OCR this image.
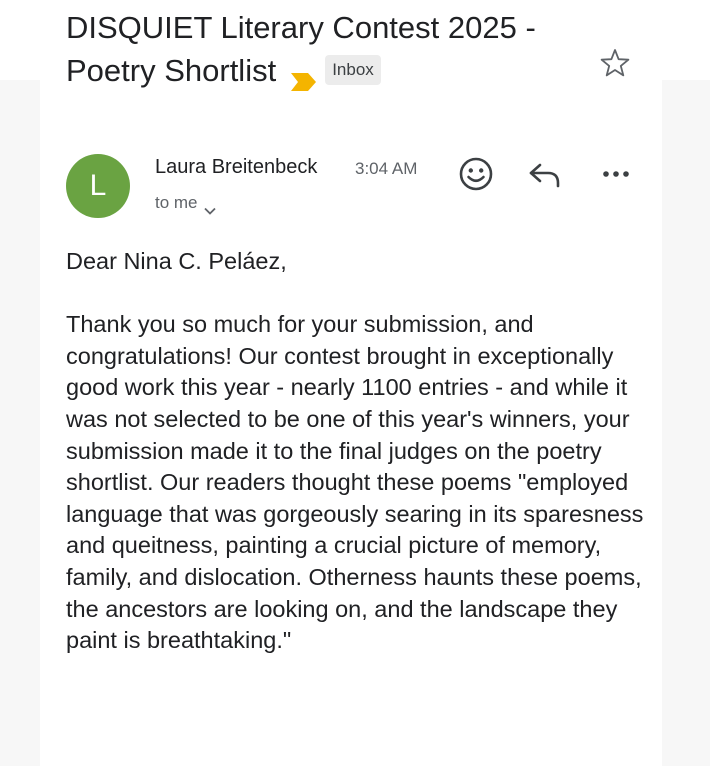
DISQUIET Literary Contest 2025 - Poetry Shortlist	Inbox
L
Laura Breitenbeck 3:04 AM
to me

Dear Nina C. Peláez,

Thank you so much for your submission, and congratulations! Our contest brought in exceptionally good work this year - nearly 1100 entries - and while it was not selected to be one of this year's winners, your submission made it to the final judges on the poetry shortlist. Our readers thought these poems "employed language that was gorgeously searing in its sparesness and queitness, painting a crucial picture of memory, family, and dislocation. Otherness haunts these poems, the ancestors are looking on, and the landscape they paint is breathtaking."
